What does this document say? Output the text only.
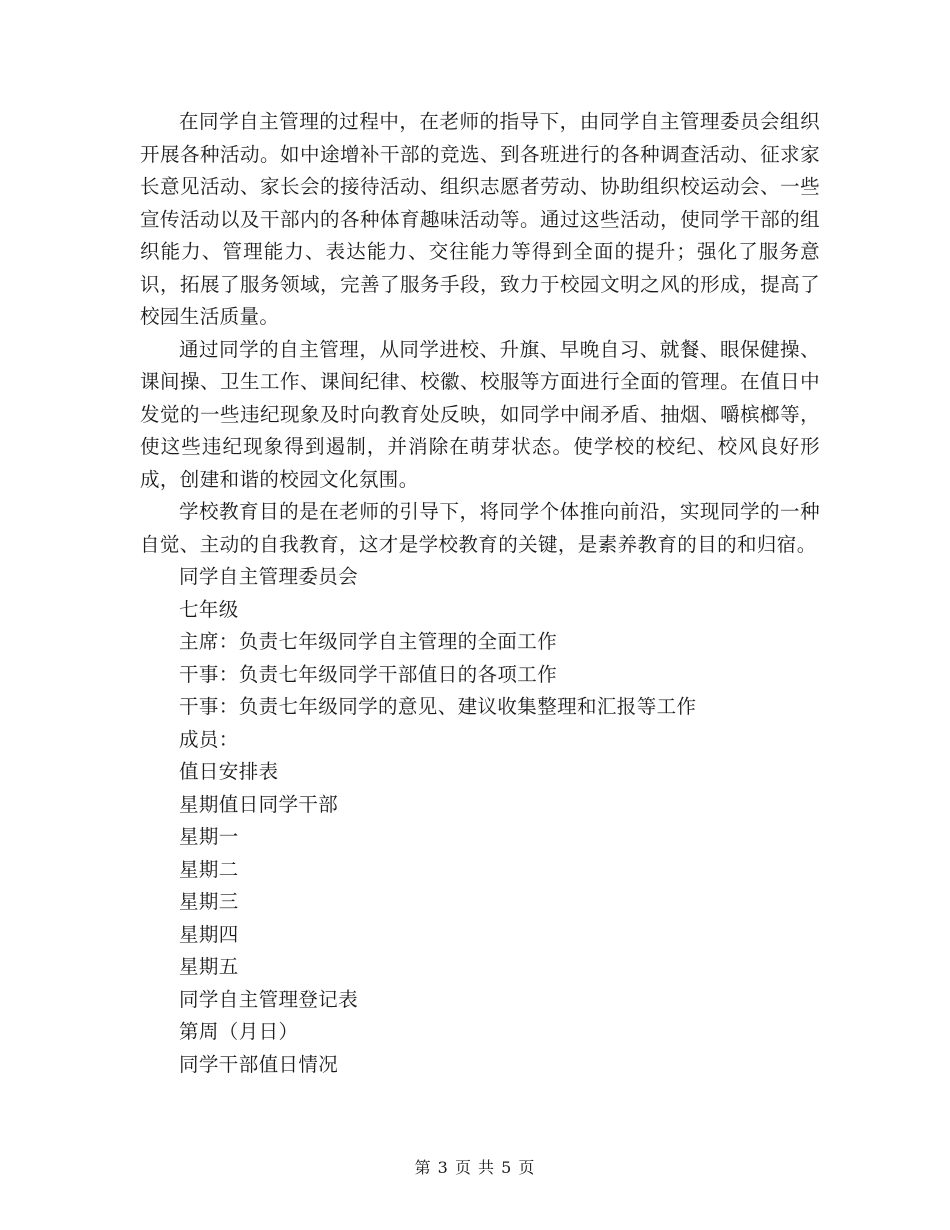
在同学自主管理的过程中，在老师的指导下，由同学自主管理委员会组织开展各种活动。如中途增补干部的竞选、到各班进行的各种调查活动、征求家长意见活动、家长会的接待活动、组织志愿者劳动、协助组织校运动会、一些宣传活动以及干部内的各种体育趣味活动等。通过这些活动，使同学干部的组织能力、管理能力、表达能力、交往能力等得到全面的提升；强化了服务意识，拓展了服务领域，完善了服务手段，致力于校园文明之风的形成，提高了校园生活质量。

通过同学的自主管理，从同学进校、升旗、早晚自习、就餐、眼保健操、课间操、卫生工作、课间纪律、校徽、校服等方面进行全面的管理。在值日中发觉的一些违纪现象及时向教育处反映，如同学中闹矛盾、抽烟、嚼槟榔等，使这些违纪现象得到遏制，并消除在萌芽状态。使学校的校纪、校风良好形成，创建和谐的校园文化氛围。

学校教育目的是在老师的引导下，将同学个体推向前沿，实现同学的一种自觉、主动的自我教育，这才是学校教育的关键，是素养教育的目的和归宿。

同学自主管理委员会

七年级

主席：负责七年级同学自主管理的全面工作

干事：负责七年级同学干部值日的各项工作

干事：负责七年级同学的意见、建议收集整理和汇报等工作

成员：

值日安排表

星期值日同学干部

星期一

星期二

星期三

星期四

星期五

同学自主管理登记表

第周（月日）

同学干部值日情况

第 3 页 共 5 页
